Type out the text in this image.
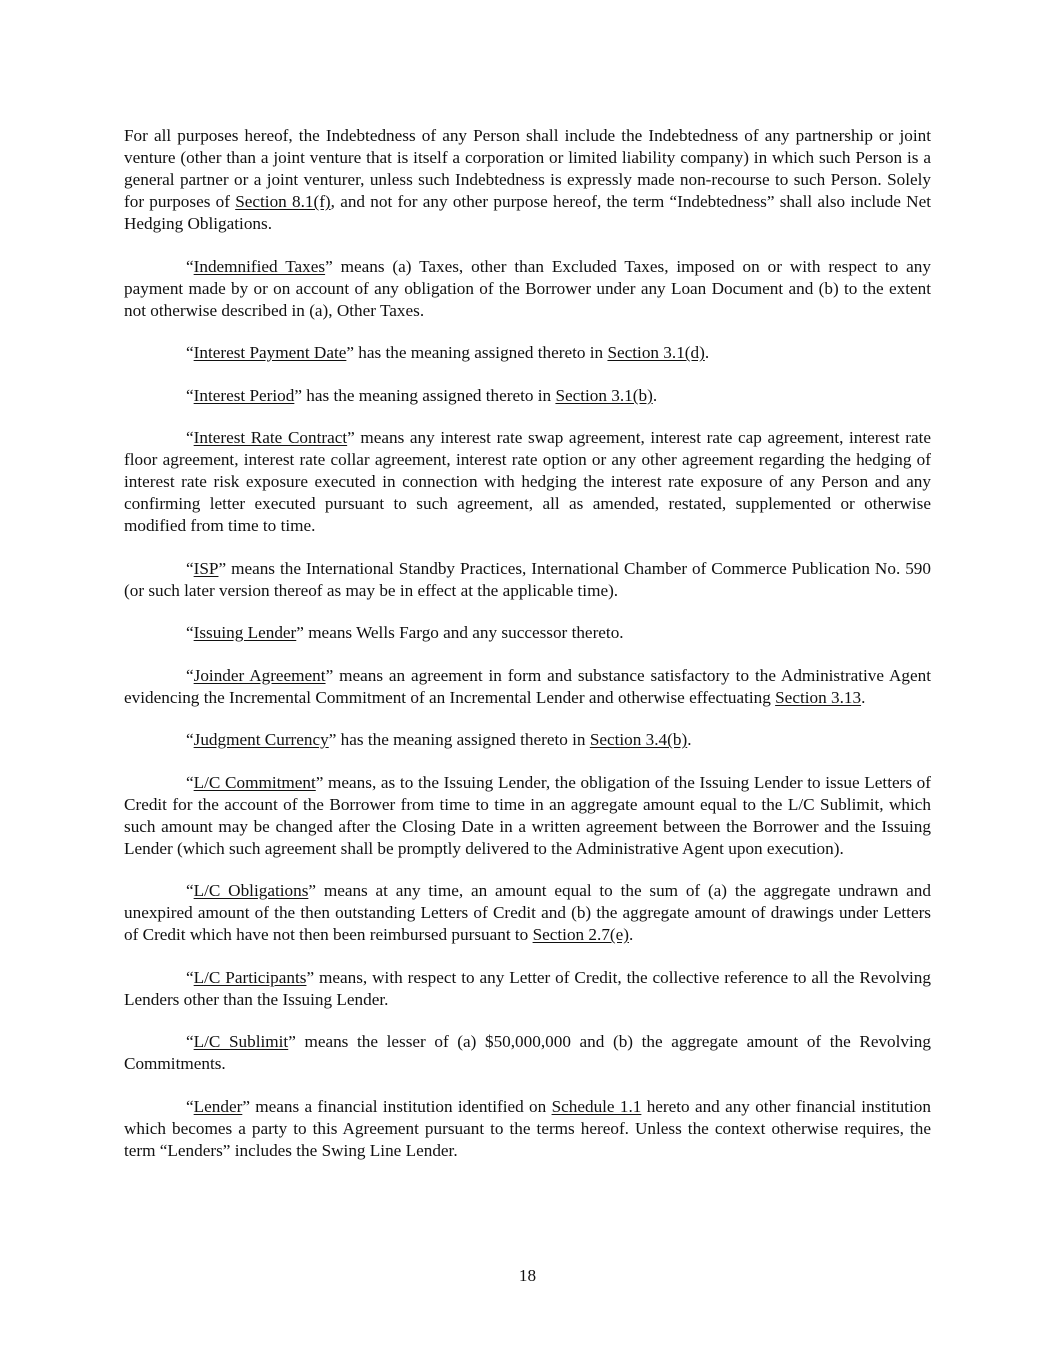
For all purposes hereof, the Indebtedness of any Person shall include the Indebtedness of any partnership or joint venture (other than a joint venture that is itself a corporation or limited liability company) in which such Person is a general partner or a joint venturer, unless such Indebtedness is expressly made non-recourse to such Person. Solely for purposes of Section 8.1(f), and not for any other purpose hereof, the term “Indebtedness” shall also include Net Hedging Obligations.

“Indemnified Taxes” means (a) Taxes, other than Excluded Taxes, imposed on or with respect to any payment made by or on account of any obligation of the Borrower under any Loan Document and (b) to the extent not otherwise described in (a), Other Taxes.

“Interest Payment Date” has the meaning assigned thereto in Section 3.1(d).

“Interest Period” has the meaning assigned thereto in Section 3.1(b).

“Interest Rate Contract” means any interest rate swap agreement, interest rate cap agreement, interest rate floor agreement, interest rate collar agreement, interest rate option or any other agreement regarding the hedging of interest rate risk exposure executed in connection with hedging the interest rate exposure of any Person and any confirming letter executed pursuant to such agreement, all as amended, restated, supplemented or otherwise modified from time to time.

“ISP” means the International Standby Practices, International Chamber of Commerce Publication No. 590 (or such later version thereof as may be in effect at the applicable time).

“Issuing Lender” means Wells Fargo and any successor thereto.

“Joinder Agreement” means an agreement in form and substance satisfactory to the Administrative Agent evidencing the Incremental Commitment of an Incremental Lender and otherwise effectuating Section 3.13.

“Judgment Currency” has the meaning assigned thereto in Section 3.4(b).

“L/C Commitment” means, as to the Issuing Lender, the obligation of the Issuing Lender to issue Letters of Credit for the account of the Borrower from time to time in an aggregate amount equal to the L/C Sublimit, which such amount may be changed after the Closing Date in a written agreement between the Borrower and the Issuing Lender (which such agreement shall be promptly delivered to the Administrative Agent upon execution).

“L/C Obligations” means at any time, an amount equal to the sum of (a) the aggregate undrawn and unexpired amount of the then outstanding Letters of Credit and (b) the aggregate amount of drawings under Letters of Credit which have not then been reimbursed pursuant to Section 2.7(e).

“L/C Participants” means, with respect to any Letter of Credit, the collective reference to all the Revolving Lenders other than the Issuing Lender.

“L/C Sublimit” means the lesser of (a) $50,000,000 and (b) the aggregate amount of the Revolving Commitments.

“Lender” means a financial institution identified on Schedule 1.1 hereto and any other financial institution which becomes a party to this Agreement pursuant to the terms hereof. Unless the context otherwise requires, the term “Lenders” includes the Swing Line Lender.

18
